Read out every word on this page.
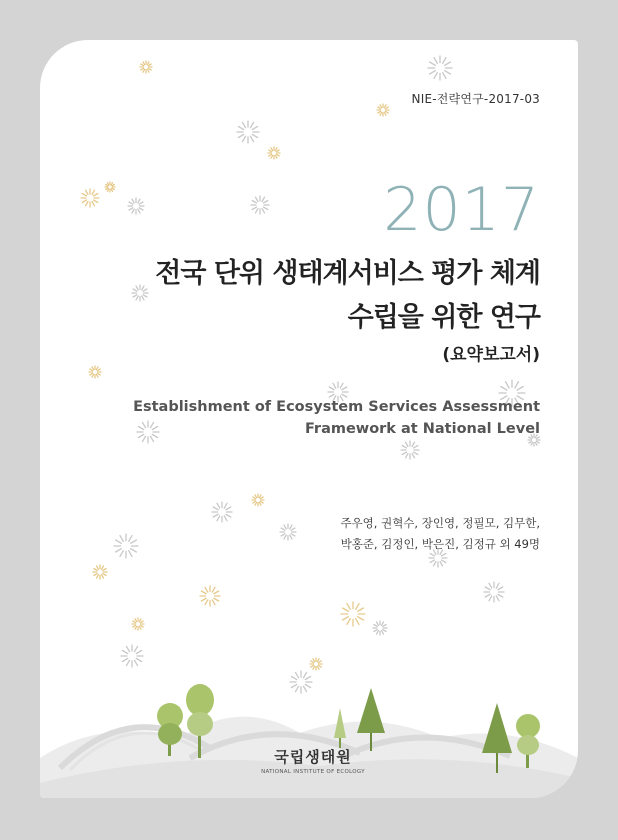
NIE-전략연구-2017-03
2017
전국 단위 생태계서비스 평가 체계
수립을 위한 연구
(요약보고서)
Establishment of Ecosystem Services Assessment
Framework at National Level
주우영, 권혁수, 장인영, 정필모, 김무한,
박홍준, 김정인, 박은진, 김정규 외 49명
국립생태원
NATIONAL INSTITUTE OF ECOLOGY
